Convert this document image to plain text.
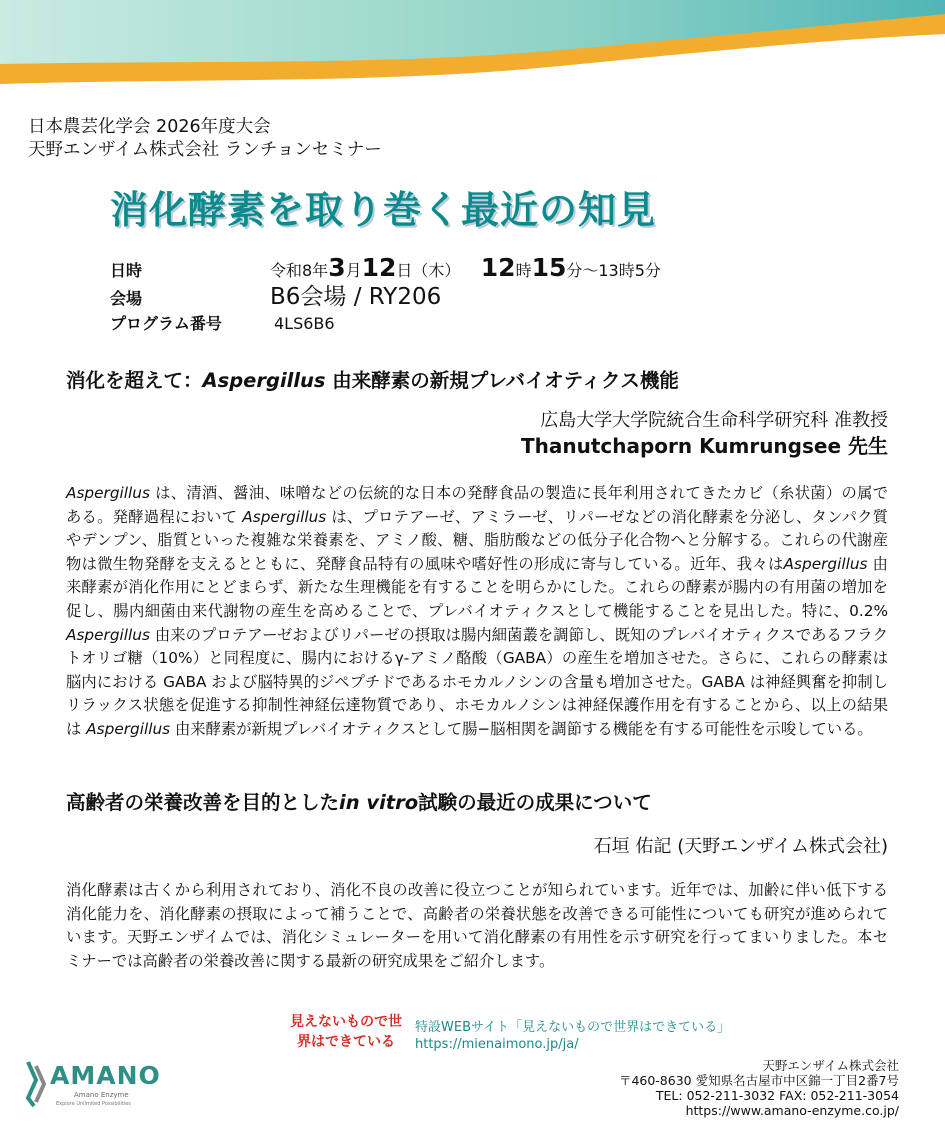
日本農芸化学会 2026年度大会
天野エンザイム株式会社 ランチョンセミナー
消化酵素を取り巻く最近の知見
日時	令和8年3月12日（木） 12時15分～13時5分
会場	B6会場 / RY206
プログラム番号	4LS6B6
消化を超えて：Aspergillus 由来酵素の新規プレバイオティクス機能
広島大学大学院統合生命科学研究科 准教授
Thanutchaporn Kumrungsee 先生
Aspergillus は、清酒、醤油、味噌などの伝統的な日本の発酵食品の製造に長年利用されてきたカビ（糸状菌）の属である。発酵過程において Aspergillus は、プロテアーゼ、アミラーゼ、リパーゼなどの消化酵素を分泌し、タンパク質やデンプン、脂質といった複雑な栄養素を、アミノ酸、糖、脂肪酸などの低分子化合物へと分解する。これらの代謝産物は微生物発酵を支えるとともに、発酵食品特有の風味や嗜好性の形成に寄与している。近年、我々はAspergillus 由来酵素が消化作用にとどまらず、新たな生理機能を有することを明らかにした。これらの酵素が腸内の有用菌の増加を促し、腸内細菌由来代謝物の産生を高めることで、プレバイオティクスとして機能することを見出した。特に、0.2% Aspergillus 由来のプロテアーゼおよびリパーゼの摂取は腸内細菌叢を調節し、既知のプレバイオティクスであるフラクトオリゴ糖（10%）と同程度に、腸内におけるγ-アミノ酪酸（GABA）の産生を増加させた。さらに、これらの酵素は脳内における GABA および脳特異的ジペプチドであるホモカルノシンの含量も増加させた。GABA は神経興奮を抑制しリラックス状態を促進する抑制性神経伝達物質であり、ホモカルノシンは神経保護作用を有することから、以上の結果は Aspergillus 由来酵素が新規プレバイオティクスとして腸−脳相関を調節する機能を有する可能性を示唆している。
高齢者の栄養改善を目的としたin vitro試験の最近の成果について
石垣 佑記 (天野エンザイム株式会社)
消化酵素は古くから利用されており、消化不良の改善に役立つことが知られています。近年では、加齢に伴い低下する消化能力を、消化酵素の摂取によって補うことで、高齢者の栄養状態を改善できる可能性についても研究が進められています。天野エンザイムでは、消化シミュレーターを用いて消化酵素の有用性を示す研究を行ってまいりました。本セミナーでは高齢者の栄養改善に関する最新の研究成果をご紹介します。
見えないもので世界はできている
特設WEBサイト「見えないもので世界はできている」
https://mienaimono.jp/ja/
AMANO
Amano Enzyme
Explore Unlimited Possibilities
天野エンザイム株式会社
〒460-8630 愛知県名古屋市中区錦一丁目2番7号
TEL: 052-211-3032 FAX: 052-211-3054
https://www.amano-enzyme.co.jp/
